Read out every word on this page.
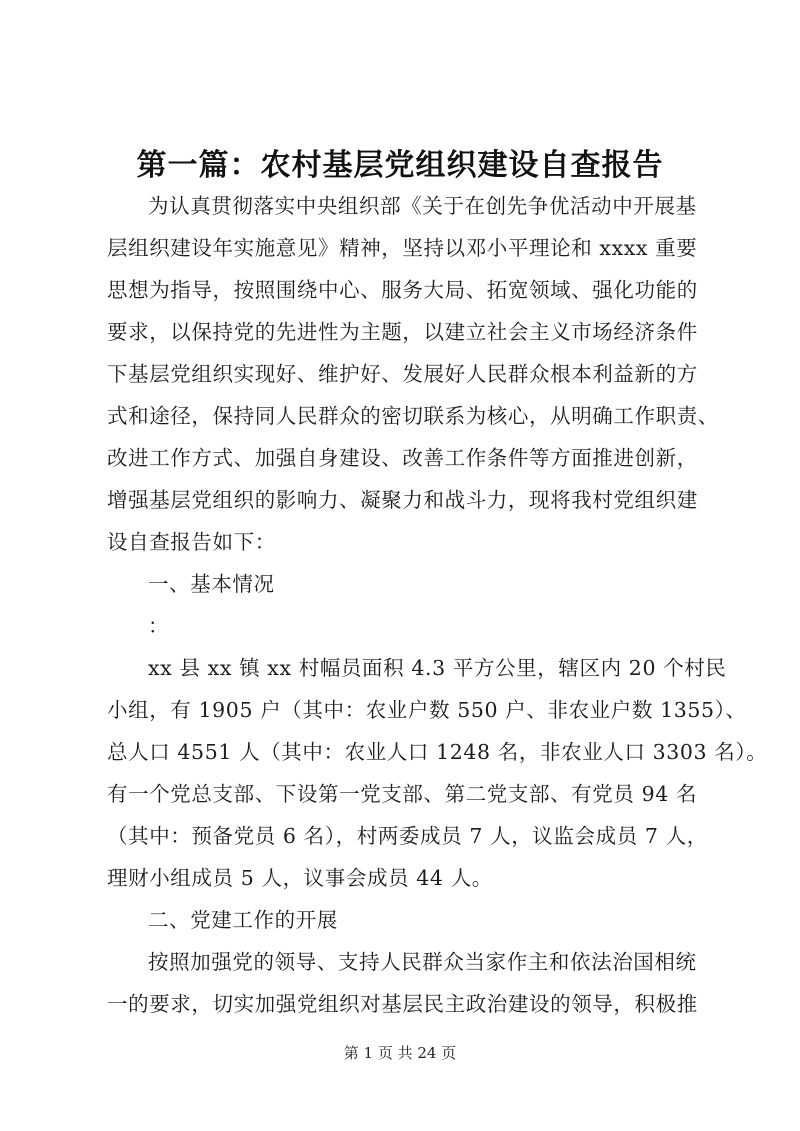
第一篇：农村基层党组织建设自查报告
为认真贯彻落实中央组织部《关于在创先争优活动中开展基
层组织建设年实施意见》精神，坚持以邓小平理论和 xxxx 重要
思想为指导，按照围绕中心、服务大局、拓宽领域、强化功能的
要求，以保持党的先进性为主题，以建立社会主义市场经济条件
下基层党组织实现好、维护好、发展好人民群众根本利益新的方
式和途径，保持同人民群众的密切联系为核心，从明确工作职责、
改进工作方式、加强自身建设、改善工作条件等方面推进创新，
增强基层党组织的影响力、凝聚力和战斗力，现将我村党组织建
设自查报告如下：
一、基本情况
：
xx 县 xx 镇 xx 村幅员面积 4.3 平方公里，辖区内 20 个村民
小组，有 1905 户（其中：农业户数 550 户、非农业户数 1355）、
总人口 4551 人（其中：农业人口 1248 名，非农业人口 3303 名）。
有一个党总支部、下设第一党支部、第二党支部、有党员 94 名
（其中：预备党员 6 名），村两委成员 7 人，议监会成员 7 人，
理财小组成员 5 人，议事会成员 44 人。
二、党建工作的开展
按照加强党的领导、支持人民群众当家作主和依法治国相统
一的要求，切实加强党组织对基层民主政治建设的领导，积极推
第 1 页 共 24 页
